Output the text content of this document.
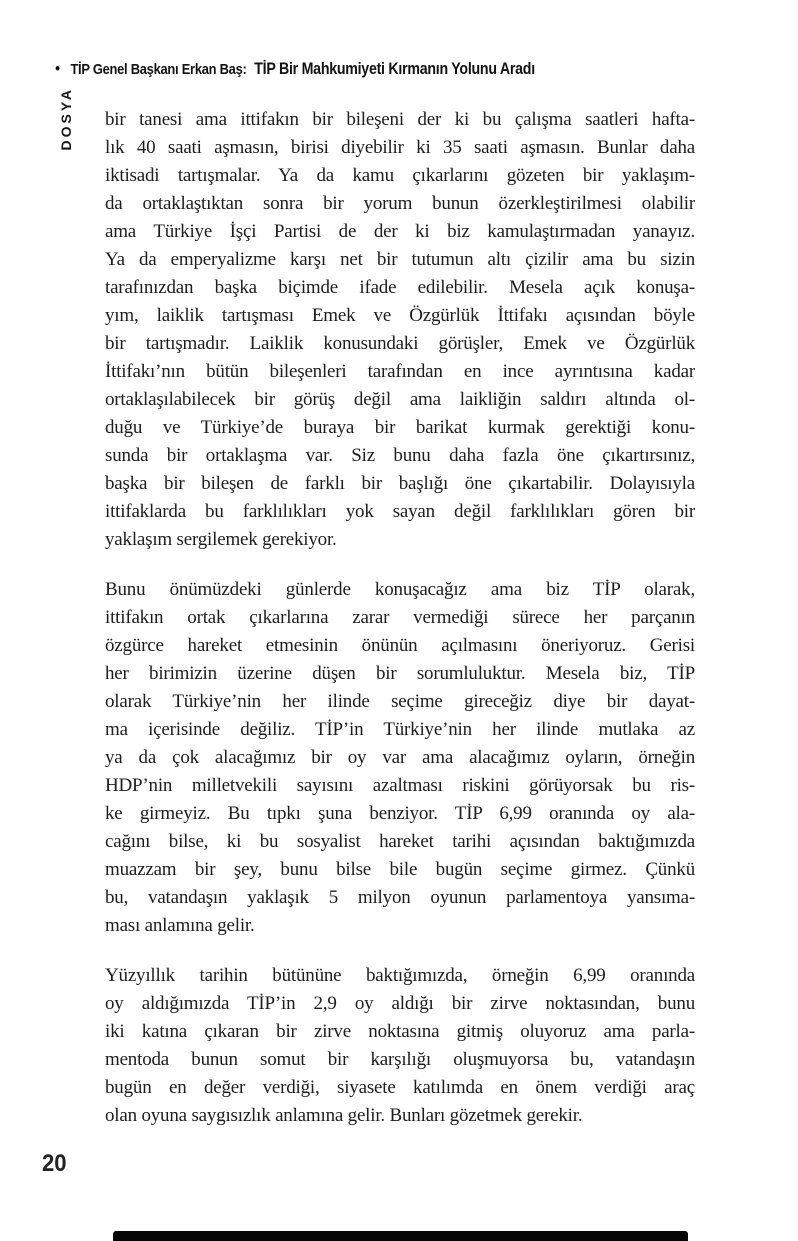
• TİP Genel Başkanı Erkan Baş: TİP Bir Mahkumiyeti Kırmanın Yolunu Aradı
DOSYA bir tanesi ama ittifakın bir bileşeni der ki bu çalışma saatleri hafta-
lık 40 saati aşmasın, birisi diyebilir ki 35 saati aşmasın. Bunlar daha
iktisadi tartışmalar. Ya da kamu çıkarlarını gözeten bir yaklaşım-
da ortaklaştıktan sonra bir yorum bunun özerkleştirilmesi olabilir
ama Türkiye İşçi Partisi de der ki biz kamulaştırmadan yanayız.
Ya da emperyalizme karşı net bir tutumun altı çizilir ama bu sizin
tarafınızdan başka biçimde ifade edilebilir. Mesela açık konuşa-
yım, laiklik tartışması Emek ve Özgürlük İttifakı açısından böyle
bir tartışmadır. Laiklik konusundaki görüşler, Emek ve Özgürlük
İttifakı’nın bütün bileşenleri tarafından en ince ayrıntısına kadar
ortaklaşılabilecek bir görüş değil ama laikliğin saldırı altında ol-
duğu ve Türkiye’de buraya bir barikat kurmak gerektiği konu-
sunda bir ortaklaşma var. Siz bunu daha fazla öne çıkartırsınız,
başka bir bileşen de farklı bir başlığı öne çıkartabilir. Dolayısıyla
ittifaklarda bu farklılıkları yok sayan değil farklılıkları gören bir
yaklaşım sergilemek gerekiyor.
Bunu önümüzdeki günlerde konuşacağız ama biz TİP olarak,
ittifakın ortak çıkarlarına zarar vermediği sürece her parçanın
özgürce hareket etmesinin önünün açılmasını öneriyoruz. Gerisi
her birimizin üzerine düşen bir sorumluluktur. Mesela biz, TİP
olarak Türkiye’nin her ilinde seçime gireceğiz diye bir dayat-
ma içerisinde değiliz. TİP’in Türkiye’nin her ilinde mutlaka az
ya da çok alacağımız bir oy var ama alacağımız oyların, örneğin
HDP’nin milletvekili sayısını azaltması riskini görüyorsak bu ris-
ke girmeyiz. Bu tıpkı şuna benziyor. TİP 6,99 oranında oy ala-
cağını bilse, ki bu sosyalist hareket tarihi açısından baktığımızda
muazzam bir şey, bunu bilse bile bugün seçime girmez. Çünkü
bu, vatandaşın yaklaşık 5 milyon oyunun parlamentoya yansıma-
ması anlamına gelir.
Yüzyıllık tarihin bütününe baktığımızda, örneğin 6,99 oranında
oy aldığımızda TİP’in 2,9 oy aldığı bir zirve noktasından, bunu
iki katına çıkaran bir zirve noktasına gitmiş oluyoruz ama parla-
mentoda bunun somut bir karşılığı oluşmuyorsa bu, vatandaşın
bugün en değer verdiği, siyasete katılımda en önem verdiği araç
olan oyuna saygısızlık anlamına gelir. Bunları gözetmek gerekir.
20
